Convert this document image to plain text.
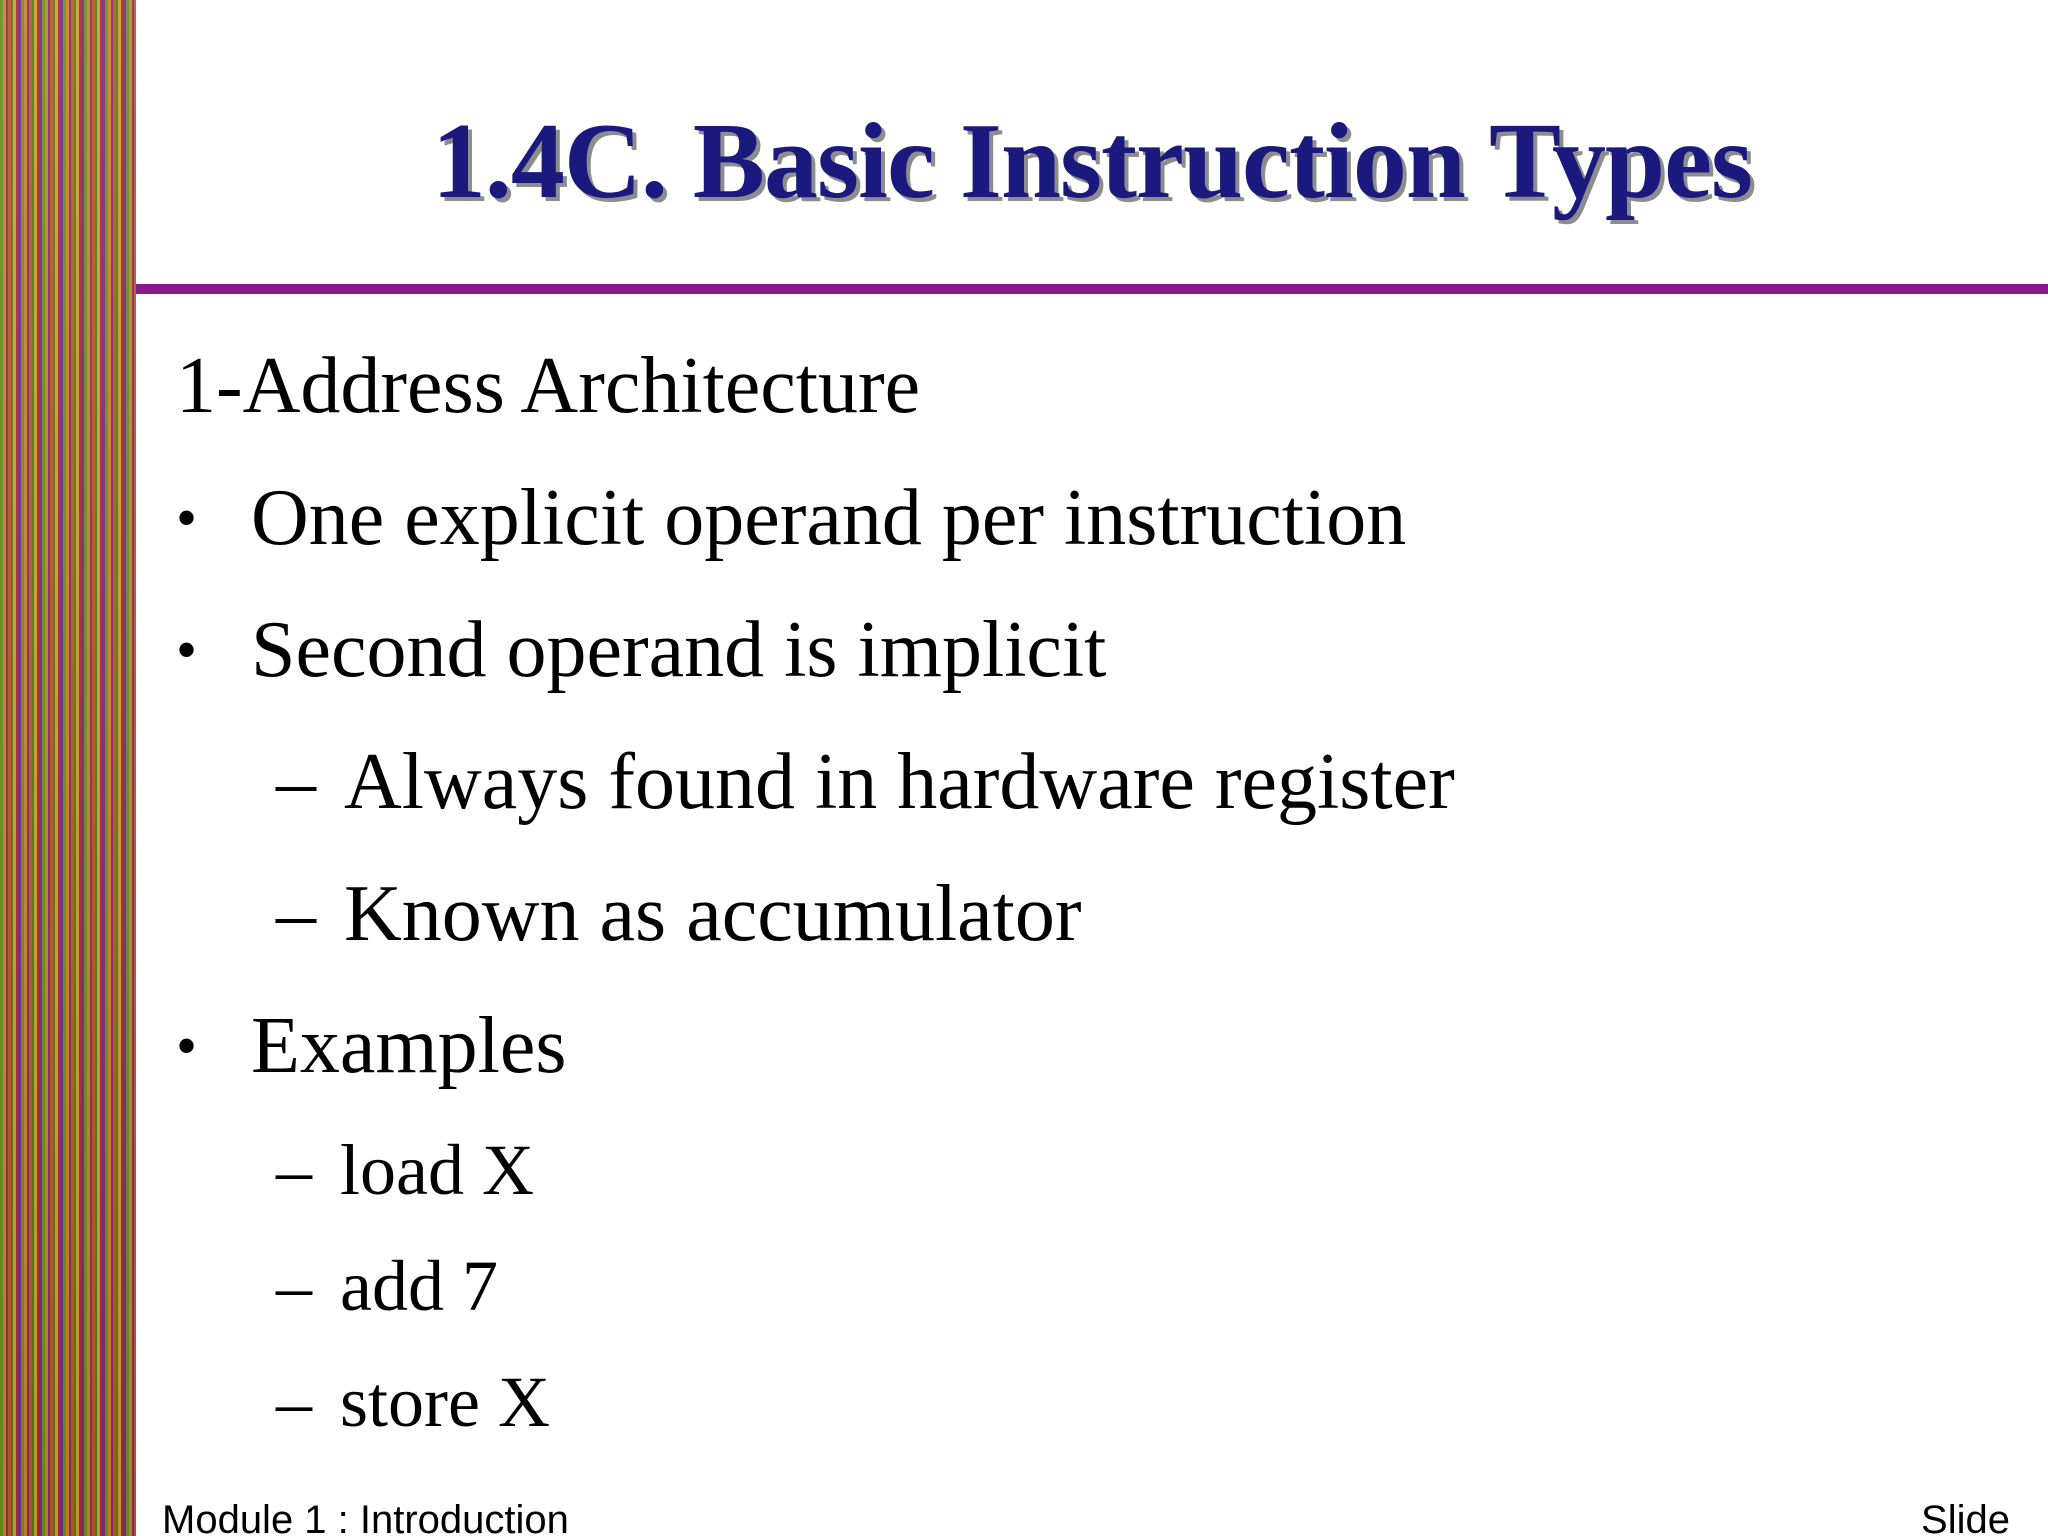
1.4C. Basic Instruction Types
1-Address Architecture
• One explicit operand per instruction
• Second operand is implicit
– Always found in hardware register
– Known as accumulator
• Examples
– load X
– add 7
– store X
Module 1 : Introduction	Slide
